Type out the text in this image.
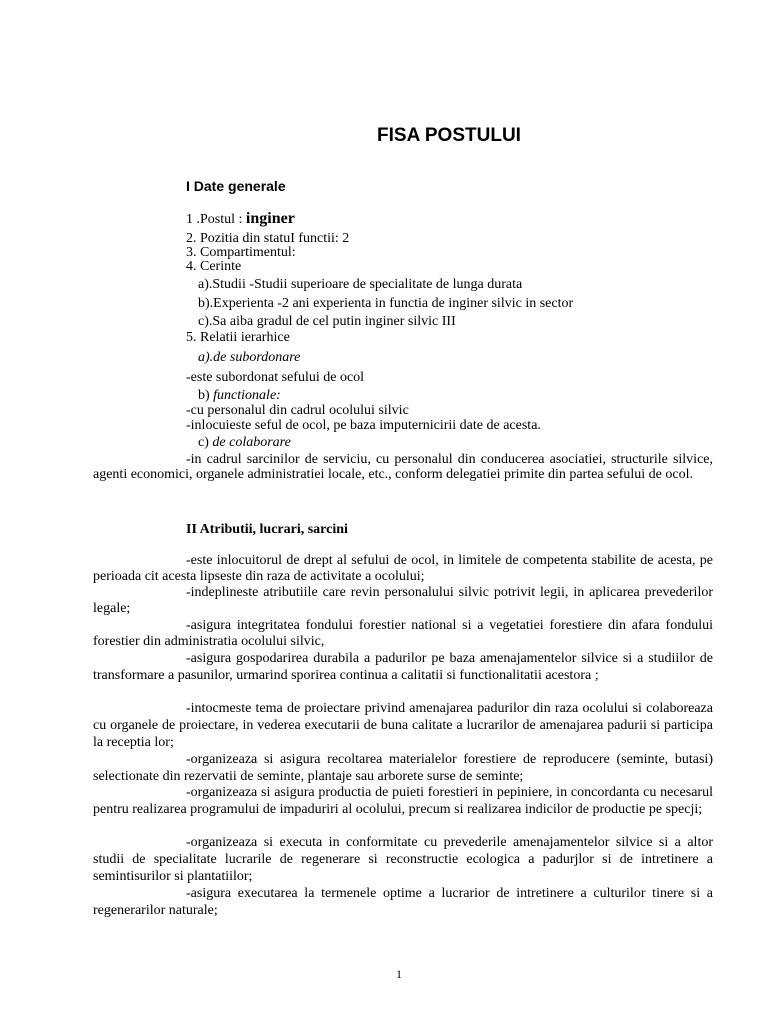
FISA POSTULUI
I Date generale
1 .Postul : inginer
2. Pozitia din statuI functii: 2
3. Compartimentul:
4. Cerinte
a).Studii -Studii superioare de specialitate de lunga durata
b).Experienta -2 ani experienta in functia de inginer silvic in sector
c).Sa aiba gradul de cel putin inginer silvic III
5. Relatii ierarhice
a).de subordonare
-este subordonat sefului de ocol
b) functionale:
-cu personalul din cadrul ocolului silvic
-inlocuieste seful de ocol, pe baza imputernicirii date de acesta.
c) de colaborare
-in cadrul sarcinilor de serviciu, cu personalul din conducerea asociatiei, structurile silvice, agenti economici, organele administratiei locale, etc., conform delegatiei primite din partea sefului de ocol.
II Atributii, lucrari, sarcini
-este inlocuitorul de drept al sefului de ocol, in limitele de competenta stabilite de acesta, pe perioada cit acesta lipseste din raza de activitate a ocolului;
-indeplineste atributiile care revin personalului silvic potrivit legii, in aplicarea prevederilor legale;
-asigura integritatea fondului forestier national si a vegetatiei forestiere din afara fondului forestier din administratia ocolului silvic,
-asigura gospodarirea durabila a padurilor pe baza amenajamentelor silvice si a studiilor de transformare a pasunilor, urmarind sporirea continua a calitatii si functionalitatii acestora ;
-intocmeste tema de proiectare privind amenajarea padurilor din raza ocolului si colaboreaza cu organele de proiectare, in vederea executarii de buna calitate a lucrarilor de amenajarea padurii si participa la receptia lor;
-organizeaza si asigura recoltarea materialelor forestiere de reproducere (seminte, butasi) selectionate din rezervatii de seminte, plantaje sau arborete surse de seminte;
-organizeaza si asigura productia de puieti forestieri in pepiniere, in concordanta cu necesarul pentru realizarea programului de impaduriri al ocolului, precum si realizarea indicilor de productie pe specji;
-organizeaza si executa in conformitate cu prevederile amenajamentelor silvice si a altor studii de specialitate lucrarile de regenerare si reconstructie ecologica a padurjlor si de intretinere a semintisurilor si plantatiilor;
-asigura executarea la termenele optime a lucrarior de intretinere a culturilor tinere si a regenerarilor naturale;
1
